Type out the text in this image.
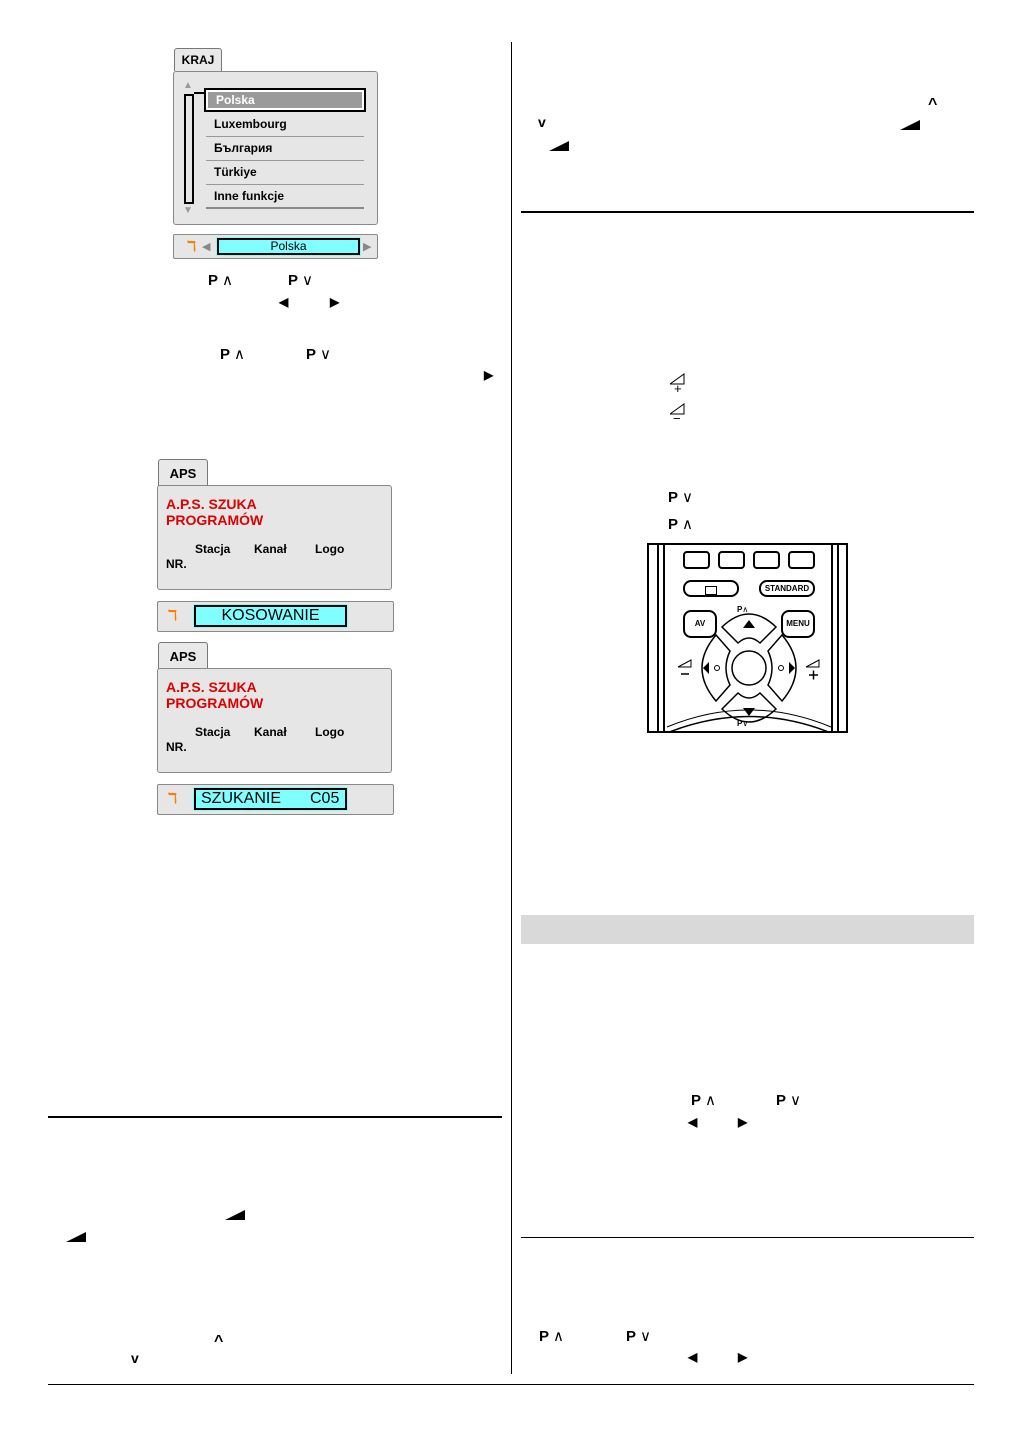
KRAJ
▲
▼
Polska
Luxembourg
България
Türkiye
Inne funkcje
ℸ ◀	Polska	▶
P ∧	P ∨
◀	▶
P ∧	P ∨
▶
APS
A.P.S. SZUKA
PROGRAMÓW
Stacja Kanał Logo
NR.
ℸ	KOSOWANIE
APS
A.P.S. SZUKA
PROGRAMÓW
Stacja Kanał Logo
NR.
ℸ	SZUKANIE C05
^
v
^
v
+
−
P ∨
P ∧
STANDARD
AV	MENU
P∧
P∨
P ∧	P ∨
◀	▶
P ∧	P ∨
◀	▶
